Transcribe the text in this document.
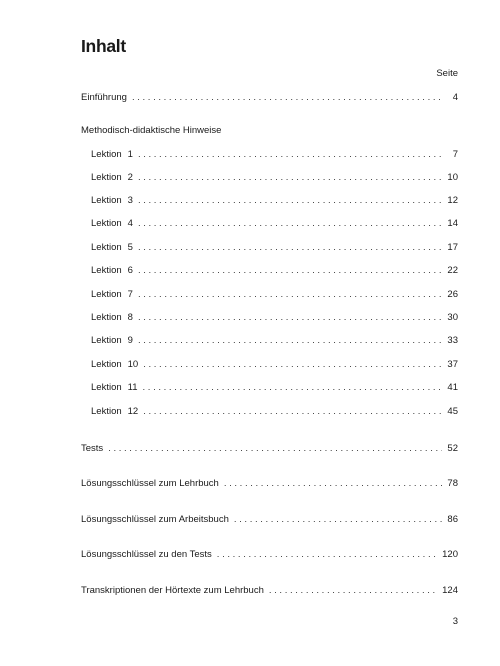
Inhalt
Seite
Einführung . . .	4
Methodisch-didaktische Hinweise
Lektion 1 . . .	7
Lektion 2 . . .	10
Lektion 3 . . .	12
Lektion 4 . . .	14
Lektion 5 . . .	17
Lektion 6 . . .	22
Lektion 7 . . .	26
Lektion 8 . . .	30
Lektion 9 . . .	33
Lektion 10 . . .	37
Lektion 11 . . .	41
Lektion 12 . . .	45
Tests . . .	52
Lösungsschlüssel zum Lehrbuch . . .	78
Lösungsschlüssel zum Arbeitsbuch . . .	86
Lösungsschlüssel zu den Tests . . .	120
Transkriptionen der Hörtexte zum Lehrbuch . . .	124
3
